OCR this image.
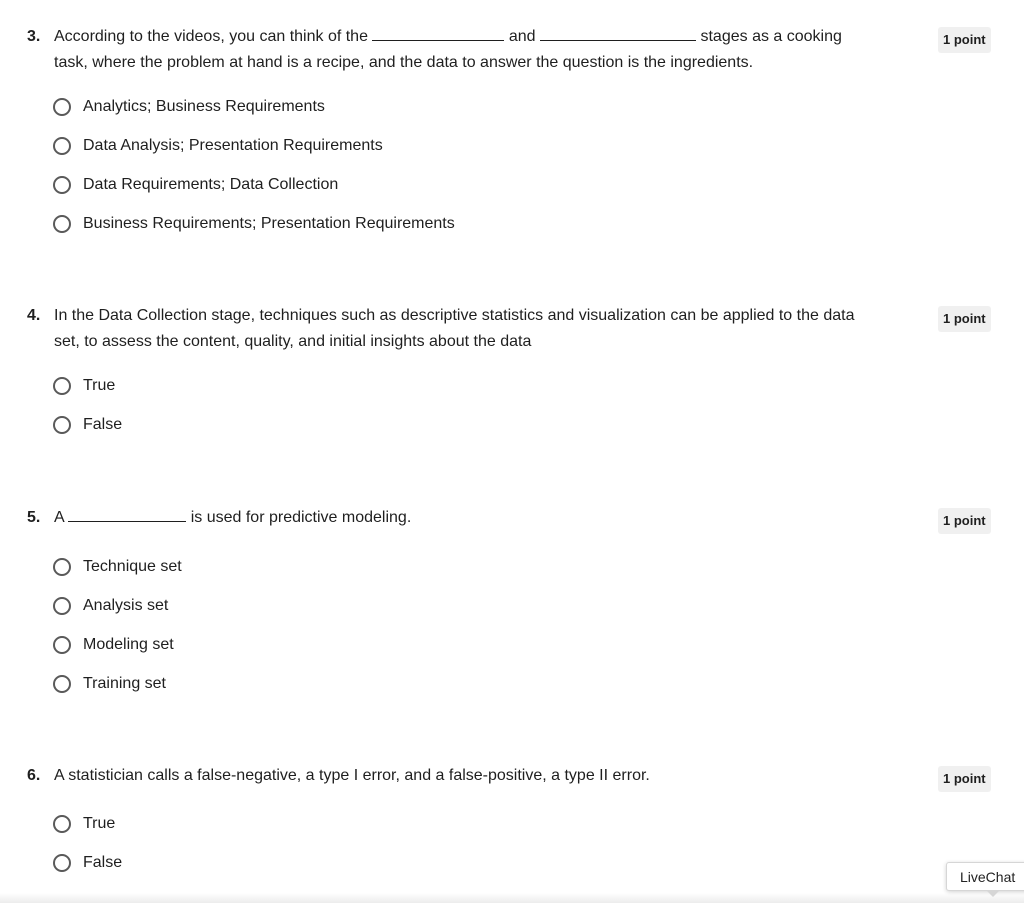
3. According to the videos, you can think of the	and	stages as a cooking task, where the problem at hand is a recipe, and the data to answer the question is the ingredients.
1 point
Analytics; Business Requirements
Data Analysis; Presentation Requirements
Data Requirements; Data Collection
Business Requirements; Presentation Requirements
4. In the Data Collection stage, techniques such as descriptive statistics and visualization can be applied to the data set, to assess the content, quality, and initial insights about the data
1 point
True
False
5. A	is used for predictive modeling.	1 point
Technique set
Analysis set
Modeling set
Training set
6. A statistician calls a false-negative, a type I error, and a false-positive, a type II error.	1 point
True
False
LiveChat
